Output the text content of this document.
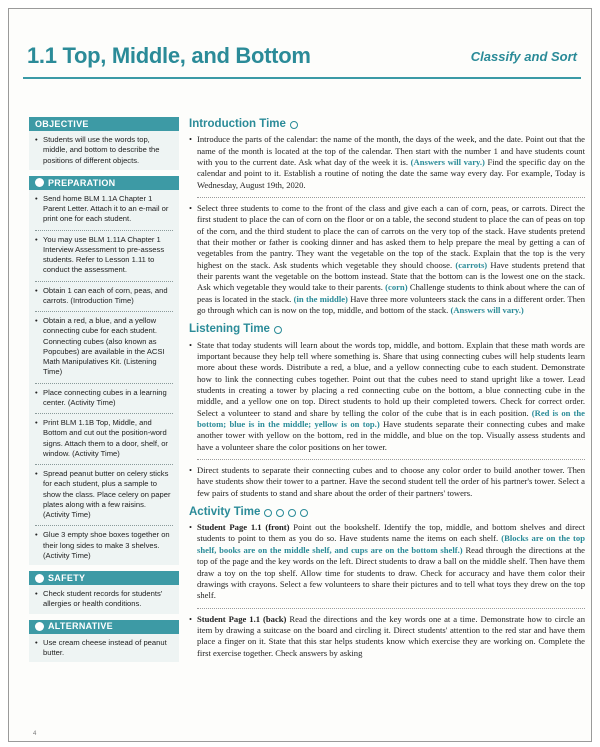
1.1 Top, Middle, and Bottom	Classify and Sort
OBJECTIVE
• Students will use the words top, middle, and bottom to describe the positions of different objects.
PREPARATION
• Send home BLM 1.1A Chapter 1 Parent Letter. Attach it to an e-mail or print one for each student.
• You may use BLM 1.11A Chapter 1 Interview Assessment to pre-assess students. Refer to Lesson 1.11 to conduct the assessment.
• Obtain 1 can each of corn, peas, and carrots. (Introduction Time)
• Obtain a red, a blue, and a yellow connecting cube for each student. Connecting cubes (also known as Popcubes) are available in the ACSI Math Manipulatives Kit. (Listening Time)
• Place connecting cubes in a learning center. (Activity Time)
• Print BLM 1.1B Top, Middle, and Bottom and cut out the position-word signs. Attach them to a door, shelf, or window. (Activity Time)
• Spread peanut butter on celery sticks for each student, plus a sample to show the class. Place celery on paper plates along with a few raisins. (Activity Time)
• Glue 3 empty shoe boxes together on their long sides to make 3 shelves. (Activity Time)
SAFETY
• Check student records for students' allergies or health conditions.
ALTERNATIVE
• Use cream cheese instead of peanut butter.
Introduction Time
• Introduce the parts of the calendar: the name of the month, the days of the week, and the date. Point out that the name of the month is located at the top of the calendar. Then start with the number 1 and have students count with you to the current date. Ask what day of the week it is. (Answers will vary.) Find the specific day on the calendar and point to it. Establish a routine of noting the date the same way every day. For example, Today is Wednesday, August 19th, 2020.
• Select three students to come to the front of the class and give each a can of corn, peas, or carrots. Direct the first student to place the can of corn on the floor or on a table, the second student to place the can of peas on top of the corn, and the third student to place the can of carrots on the very top of the stack. Have students pretend that their mother or father is cooking dinner and has asked them to help prepare the meal by getting a can of vegetables from the pantry. They want the vegetable on the top of the stack. Explain that the top is the very highest on the stack. Ask students which vegetable they should choose. (carrots) Have students pretend that their parents want the vegetable on the bottom instead. State that the bottom can is the lowest one on the stack. Ask which vegetable they would take to their parents. (corn) Challenge students to think about where the can of peas is located in the stack. (in the middle) Have three more volunteers stack the cans in a different order. Then go through which can is now on the top, middle, and bottom of the stack. (Answers will vary.)
Listening Time
• State that today students will learn about the words top, middle, and bottom. Explain that these math words are important because they help tell where something is. Share that using connecting cubes will help students learn more about these words. Distribute a red, a blue, and a yellow connecting cube to each student. Demonstrate how to link the connecting cubes together. Point out that the cubes need to stand upright like a tower. Lead students in creating a tower by placing a red connecting cube on the bottom, a blue connecting cube in the middle, and a yellow one on top. Direct students to hold up their completed towers. Check for correct order. Select a volunteer to stand and share by telling the color of the cube that is in each position. (Red is on the bottom; blue is in the middle; yellow is on top.) Have students separate their connecting cubes and make another tower with yellow on the bottom, red in the middle, and blue on the top. Visually assess students and have a volunteer share the color positions on her tower.
• Direct students to separate their connecting cubes and to choose any color order to build another tower. Then have students show their tower to a partner. Have the second student tell the order of his partner's tower. Select a few pairs of students to stand and share about the order of their partners' towers.
Activity Time
• Student Page 1.1 (front) Point out the bookshelf. Identify the top, middle, and bottom shelves and direct students to point to them as you do so. Have students name the items on each shelf. (Blocks are on the top shelf, books are on the middle shelf, and cups are on the bottom shelf.) Read through the directions at the top of the page and the key words on the left. Direct students to draw a ball on the middle shelf. Then have them draw a toy on the top shelf. Allow time for students to draw. Check for accuracy and have them color their drawings with crayons. Select a few volunteers to share their pictures and to tell what toys they drew on the top shelf.
• Student Page 1.1 (back) Read the directions and the key words one at a time. Demonstrate how to circle an item by drawing a suitcase on the board and circling it. Direct students' attention to the red star and have them place a finger on it. State that this star helps students know which exercise they are working on. Complete the first exercise together. Check answers by asking
4
